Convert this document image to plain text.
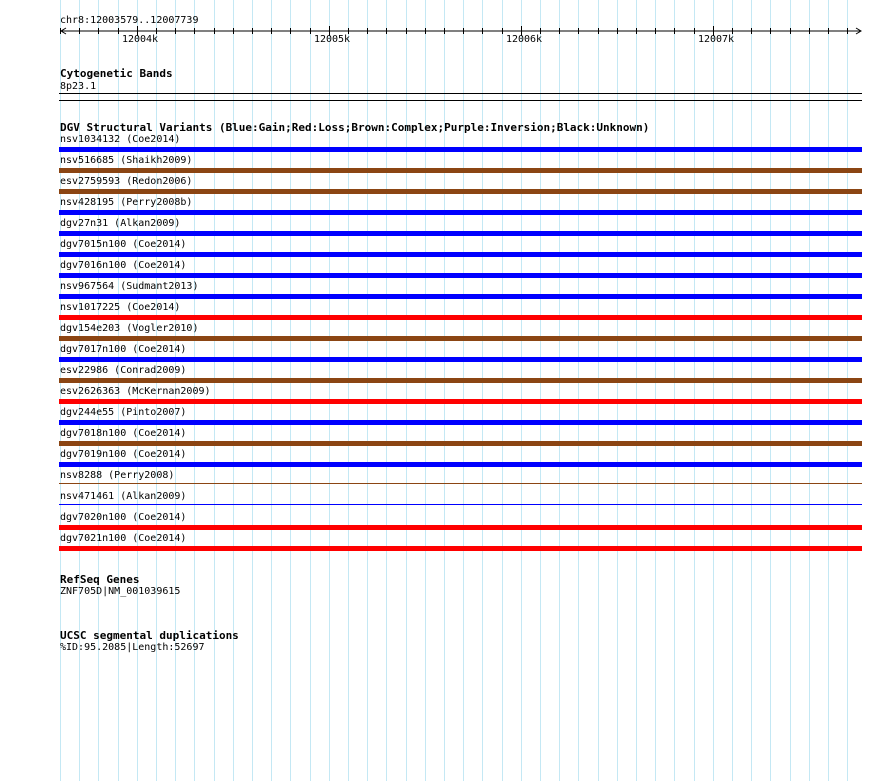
chr8:12003579..12007739
12004k	12005k	12006k	12007k
Cytogenetic Bands
8p23.1
DGV Structural Variants (Blue:Gain;Red:Loss;Brown:Complex;Purple:Inversion;Black:Unknown)
nsv1034132 (Coe2014)
nsv516685 (Shaikh2009)
esv2759593 (Redon2006)
nsv428195 (Perry2008b)
dgv27n31 (Alkan2009)
dgv7015n100 (Coe2014)
dgv7016n100 (Coe2014)
nsv967564 (Sudmant2013)
nsv1017225 (Coe2014)
dgv154e203 (Vogler2010)
dgv7017n100 (Coe2014)
esv22986 (Conrad2009)
esv2626363 (McKernan2009)
dgv244e55 (Pinto2007)
dgv7018n100 (Coe2014)
dgv7019n100 (Coe2014)
nsv8288 (Perry2008)
nsv471461 (Alkan2009)
dgv7020n100 (Coe2014)
dgv7021n100 (Coe2014)
RefSeq Genes
ZNF705D|NM_001039615
UCSC segmental duplications
%ID:95.2085|Length:52697
